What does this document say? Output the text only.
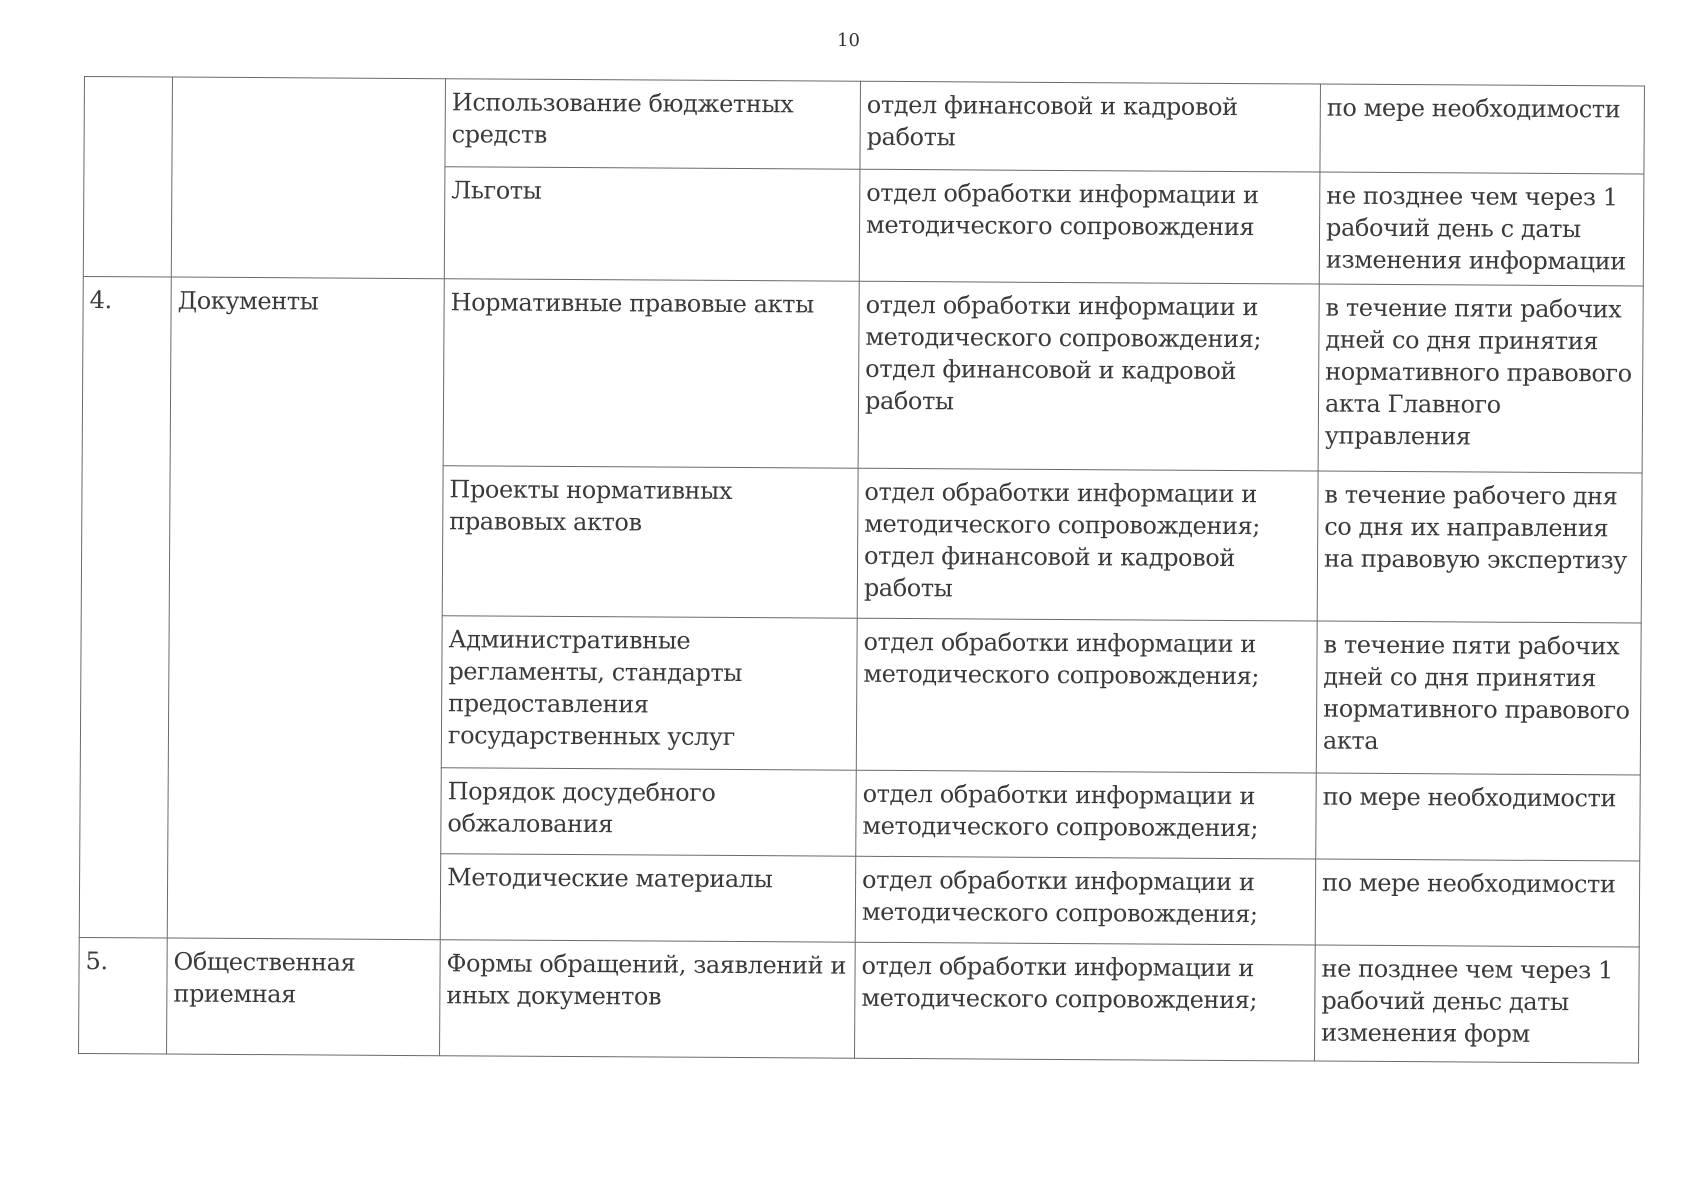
10
		Использование бюджетных средств	отдел финансовой и кадровой работы	по мере необходимости
		Льготы	отдел обработки информации и методического сопровождения	не позднее чем через 1 рабочий день с даты изменения информации
4.	Документы	Нормативные правовые акты	отдел обработки информации и методического сопровождения; отдел финансовой и кадровой работы	в течение пяти рабочих дней со дня принятия нормативного правового акта Главного управления
		Проекты нормативных правовых актов	отдел обработки информации и методического сопровождения; отдел финансовой и кадровой работы	в течение рабочего дня со дня их направления на правовую экспертизу
		Административные регламенты, стандарты предоставления государственных услуг	отдел обработки информации и методического сопровождения;	в течение пяти рабочих дней со дня принятия нормативного правового акта
		Порядок досудебного обжалования	отдел обработки информации и методического сопровождения;	по мере необходимости
		Методические материалы	отдел обработки информации и методического сопровождения;	по мере необходимости
5.	Общественная приемная	Формы обращений, заявлений и иных документов	отдел обработки информации и методического сопровождения;	не позднее чем через 1 рабочий деньс даты изменения форм
